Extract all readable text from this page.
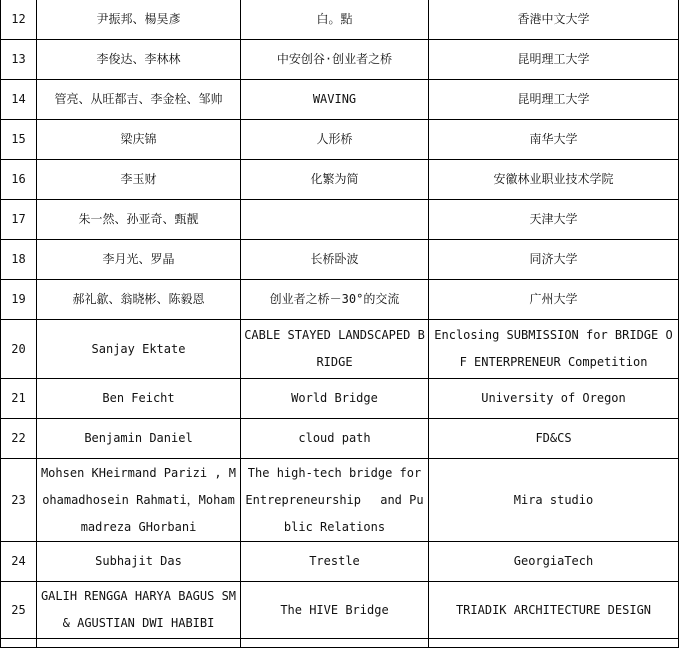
12	尹振邦、楊昊彥	白。點	香港中文大学
13	李俊达、李林林	中安创谷·创业者之桥	昆明理工大学
14	管亮、从旺都吉、李金栓、邹帅	WAVING	昆明理工大学
15	梁庆锦	人形桥	南华大学
16	李玉财	化繁为简	安徽林业职业技术学院
17	朱一然、孙亚奇、甄靓		天津大学
18	李月光、罗晶	长桥卧波	同济大学
19	郝礼歙、翁晓彬、陈毅恩	创业者之桥－30°的交流	广州大学
20	Sanjay Ektate	CABLE STAYED LANDSCAPED BRIDGE	Enclosing SUBMISSION for BRIDGE OF ENTERPRENEUR Competition
21	Ben Feicht	World Bridge	University of Oregon
22	Benjamin Daniel	cloud path	FD&CS
23	Mohsen KHeirmand Parizi , Mohamadhosein Rahmati，Mohammadreza GHorbani	The high-tech bridge for Entrepreneurship　 and Public Relations	Mira studio
24	Subhajit Das	Trestle	GeorgiaTech
25	GALIH RENGGA HARYA BAGUS SM & AGUSTIAN DWI HABIBI	The HIVE Bridge	TRIADIK ARCHITECTURE DESIGN
